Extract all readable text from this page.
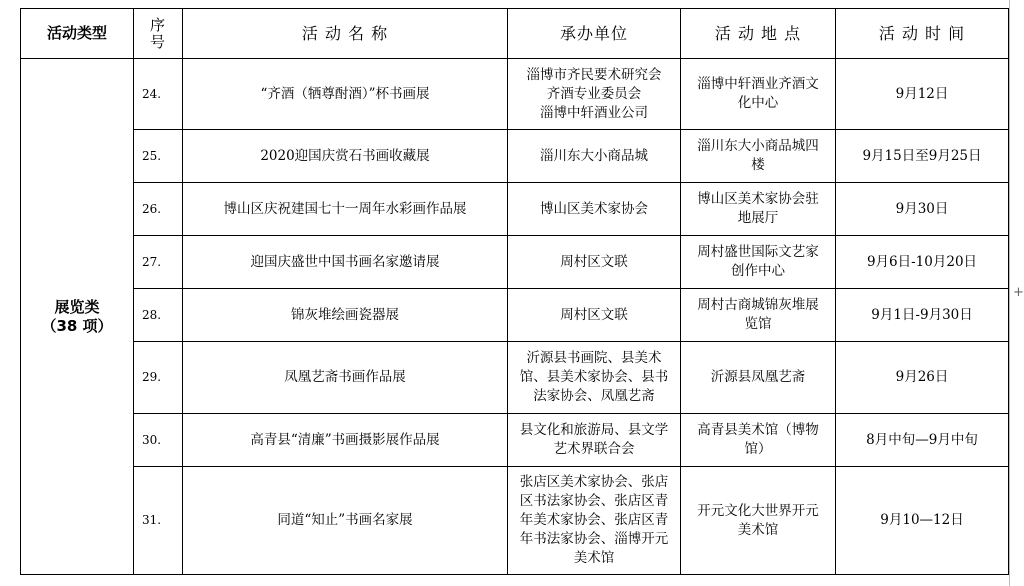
+
活动类型	序
号	活 动 名 称	承办单位	活 动 地 点	活 动 时 间

展览类
（38 项）	24.	“齐酒（牺尊酎酒）”杯书画展	淄博市齐民要术研究会
齐酒专业委员会
淄博中轩酒业公司	淄博中轩酒业齐酒文
化中心	9月12日
	25.	2020迎国庆赏石书画收藏展	淄川东大小商品城	淄川东大小商品城四
楼	9月15日至9月25日
	26.	博山区庆祝建国七十一周年水彩画作品展	博山区美术家协会	博山区美术家协会驻
地展厅	9月30日
	27.	迎国庆盛世中国书画名家邀请展	周村区文联	周村盛世国际文艺家
创作中心	9月6日-10月20日
	28.	锦灰堆绘画瓷器展	周村区文联	周村古商城锦灰堆展
览馆	9月1日-9月30日
	29.	凤凰艺斋书画作品展	沂源县书画院、县美术
馆、县美术家协会、县书
法家协会、凤凰艺斋	沂源县凤凰艺斋	9月26日
	30.	高青县“清廉”书画摄影展作品展	县文化和旅游局、县文学
艺术界联合会	高青县美术馆（博物
馆）	8月中旬—9月中旬
	31.	同道“知止”书画名家展	张店区美术家协会、张店
区书法家协会、张店区青
年美术家协会、张店区青
年书法家协会、淄博开元
美术馆	开元文化大世界开元
美术馆	9月10—12日
